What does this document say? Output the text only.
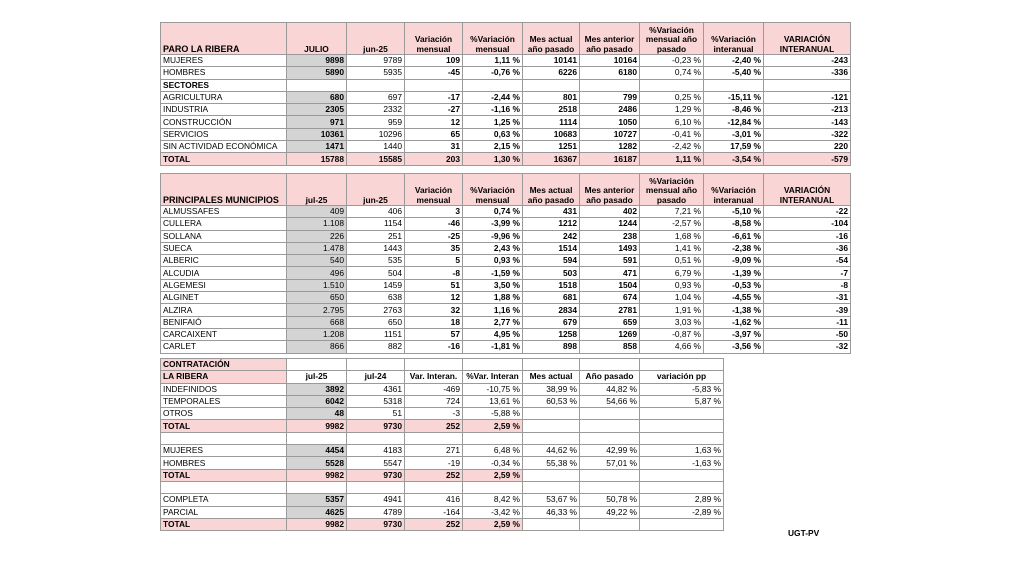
PARO LA RIBERA	JULIO	jun-25	Variación mensual	%Variación mensual	Mes actual año pasado	Mes anterior año pasado	%Variación mensual año pasado	%Variación interanual	VARIACIÓN INTERANUAL
MUJERES	9898	9789	109	1,11 %	10141	10164	-0,23 %	-2,40 %	-243
HOMBRES	5890	5935	-45	-0,76 %	6226	6180	0,74 %	-5,40 %	-336
SECTORES									
AGRICULTURA	680	697	-17	-2,44 %	801	799	0,25 %	-15,11 %	-121
INDUSTRIA	2305	2332	-27	-1,16 %	2518	2486	1,29 %	-8,46 %	-213
CONSTRUCCIÓN	971	959	12	1,25 %	1114	1050	6,10 %	-12,84 %	-143
SERVICIOS	10361	10296	65	0,63 %	10683	10727	-0,41 %	-3,01 %	-322
SIN ACTIVIDAD ECONÓMICA	1471	1440	31	2,15 %	1251	1282	-2,42 %	17,59 %	220
TOTAL	15788	15585	203	1,30 %	16367	16187	1,11 %	-3,54 %	-579
PRINCIPALES MUNICIPIOS	jul-25	jun-25	Variación mensual	%Variación mensual	Mes actual año pasado	Mes anterior año pasado	%Variación mensual año pasado	%Variación interanual	VARIACIÓN INTERANUAL
ALMUSSAFES	409	406	3	0,74 %	431	402	7,21 %	-5,10 %	-22
CULLERA	1.108	1154	-46	-3,99 %	1212	1244	-2,57 %	-8,58 %	-104
SOLLANA	226	251	-25	-9,96 %	242	238	1,68 %	-6,61 %	-16
SUECA	1.478	1443	35	2,43 %	1514	1493	1,41 %	-2,38 %	-36
ALBERIC	540	535	5	0,93 %	594	591	0,51 %	-9,09 %	-54
ALCUDIA	496	504	-8	-1,59 %	503	471	6,79 %	-1,39 %	-7
ALGEMESI	1.510	1459	51	3,50 %	1518	1504	0,93 %	-0,53 %	-8
ALGINET	650	638	12	1,88 %	681	674	1,04 %	-4,55 %	-31
ALZIRA	2.795	2763	32	1,16 %	2834	2781	1,91 %	-1,38 %	-39
BENIFAIÓ	668	650	18	2,77 %	679	659	3,03 %	-1,62 %	-11
CARCAIXENT	1.208	1151	57	4,95 %	1258	1269	-0,87 %	-3,97 %	-50
CARLET	866	882	-16	-1,81 %	898	858	4,66 %	-3,56 %	-32
CONTRATACIÓN							
LA RIBERA	jul-25	jul-24	Var. Interan.	%Var. Interan	Mes actual	Año pasado	variación pp
INDEFINIDOS	3892	4361	-469	-10,75 %	38,99 %	44,82 %	-5,83 %
TEMPORALES	6042	5318	724	13,61 %	60,53 %	54,66 %	5,87 %
OTROS	48	51	-3	-5,88 %			
TOTAL	9982	9730	252	2,59 %			

MUJERES	4454	4183	271	6,48 %	44,62 %	42,99 %	1,63 %
HOMBRES	5528	5547	-19	-0,34 %	55,38 %	57,01 %	-1,63 %
TOTAL	9982	9730	252	2,59 %			

COMPLETA	5357	4941	416	8,42 %	53,67 %	50,78 %	2,89 %
PARCIAL	4625	4789	-164	-3,42 %	46,33 %	49,22 %	-2,89 %
TOTAL	9982	9730	252	2,59 %			
UGT-PV
